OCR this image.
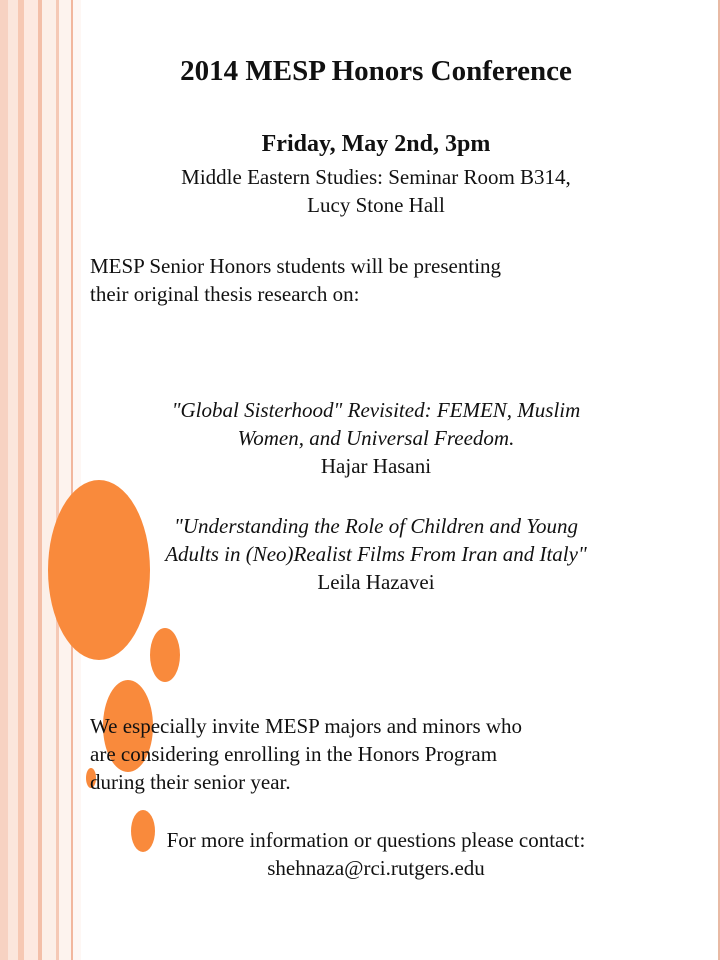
2014 MESP Honors Conference
Friday, May 2nd, 3pm
Middle Eastern Studies: Seminar Room B314,
Lucy Stone Hall
MESP Senior Honors students will be presenting
their original thesis research on:
"Global Sisterhood" Revisited: FEMEN, Muslim
Women, and Universal Freedom.
Hajar Hasani
"Understanding the Role of Children and Young
Adults in (Neo)Realist Films From Iran and Italy"
Leila Hazavei
We especially invite MESP majors and minors who
are considering enrolling in the Honors Program
during their senior year.
For more information or questions please contact:
shehnaza@rci.rutgers.edu
